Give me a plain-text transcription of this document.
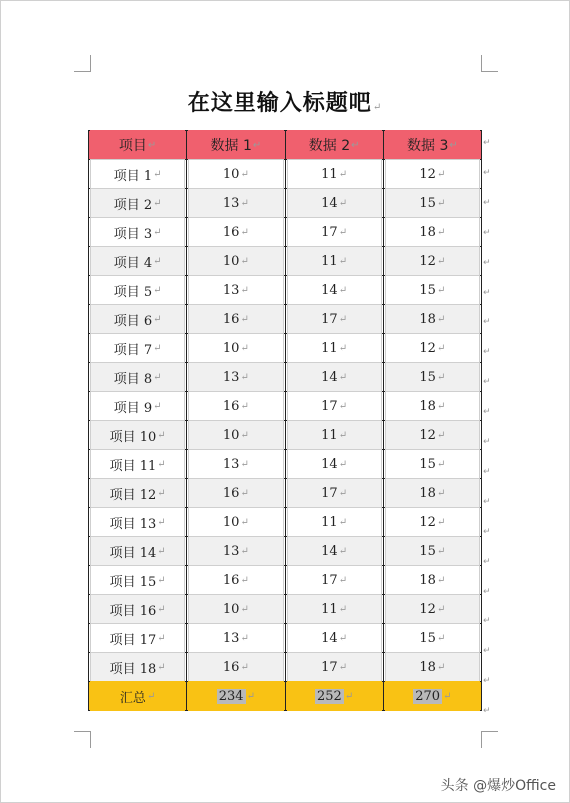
在这里输入标题吧↵
项目 ↵	数据 1 ↵	数据 2 ↵	数据 3 ↵

项目 1 ↵	10 ↵	11 ↵	12 ↵

项目 2 ↵	13 ↵	14 ↵	15 ↵

项目 3 ↵	16 ↵	17 ↵	18 ↵

项目 4 ↵	10 ↵	11 ↵	12 ↵

项目 5 ↵	13 ↵	14 ↵	15 ↵

项目 6 ↵	16 ↵	17 ↵	18 ↵

项目 7 ↵	10 ↵	11 ↵	12 ↵

项目 8 ↵	13 ↵	14 ↵	15 ↵

项目 9 ↵	16 ↵	17 ↵	18 ↵

项目 10 ↵	10 ↵	11 ↵	12 ↵

项目 11 ↵	13 ↵	14 ↵	15 ↵

项目 12 ↵	16 ↵	17 ↵	18 ↵

项目 13 ↵	10 ↵	11 ↵	12 ↵

项目 14 ↵	13 ↵	14 ↵	15 ↵

项目 15 ↵	16 ↵	17 ↵	18 ↵

项目 16 ↵	10 ↵	11 ↵	12 ↵

项目 17 ↵	13 ↵	14 ↵	15 ↵

项目 18 ↵	16 ↵	17 ↵	18 ↵

汇总 ↵	234 ↵	252 ↵	270 ↵
↵
↵
↵
↵
↵
↵
↵
↵
↵
↵
↵
↵
↵
↵
↵
↵
↵
↵
↵
↵
头条 @爆炒Office
